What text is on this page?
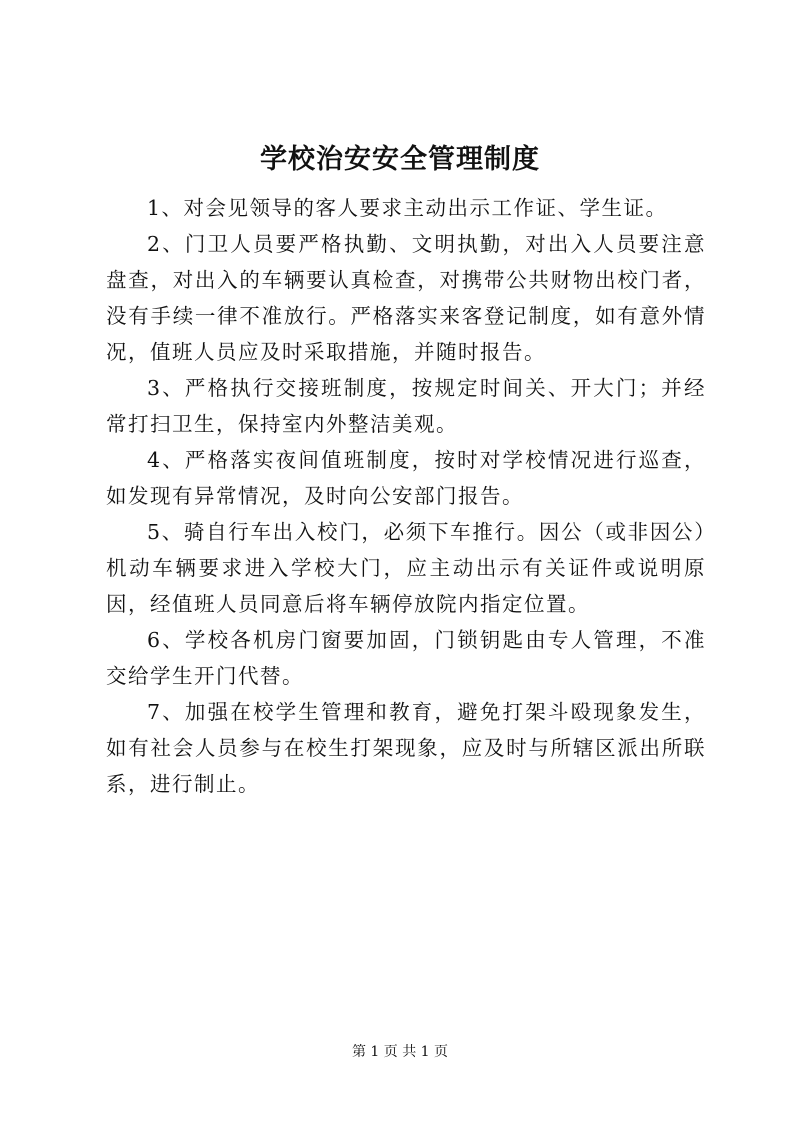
学校治安安全管理制度

1、对会见领导的客人要求主动出示工作证、学生证。

2、门卫人员要严格执勤、文明执勤，对出入人员要注意盘查，对出入的车辆要认真检查，对携带公共财物出校门者，没有手续一律不准放行。严格落实来客登记制度，如有意外情况，值班人员应及时采取措施，并随时报告。

3、严格执行交接班制度，按规定时间关、开大门；并经常打扫卫生，保持室内外整洁美观。

4、严格落实夜间值班制度，按时对学校情况进行巡查，如发现有异常情况，及时向公安部门报告。

5、骑自行车出入校门，必须下车推行。因公（或非因公）机动车辆要求进入学校大门，应主动出示有关证件或说明原因，经值班人员同意后将车辆停放院内指定位置。

6、学校各机房门窗要加固，门锁钥匙由专人管理，不准交给学生开门代替。

7、加强在校学生管理和教育，避免打架斗殴现象发生，如有社会人员参与在校生打架现象，应及时与所辖区派出所联系，进行制止。

第 1 页 共 1 页
